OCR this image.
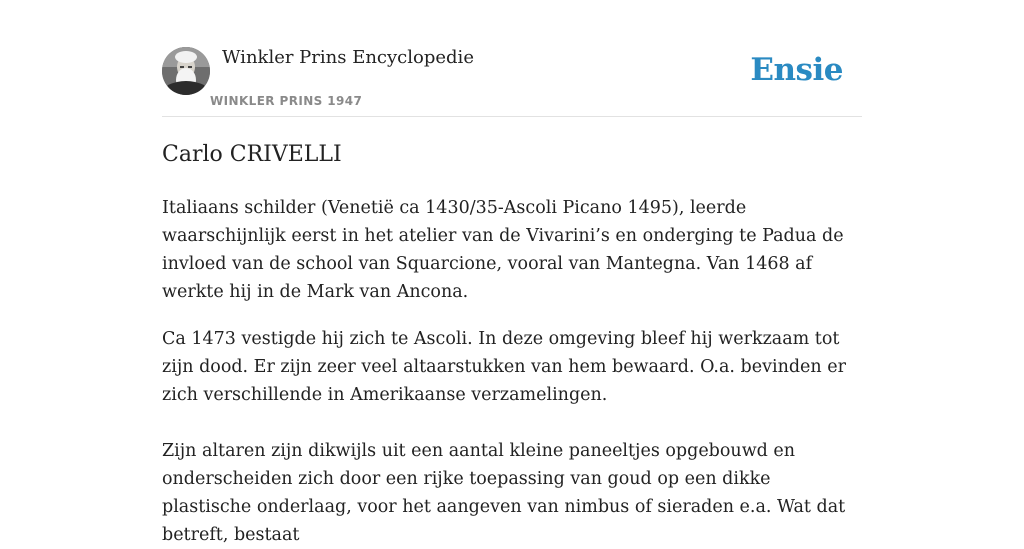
Winkler Prins Encyclopedie
WINKLER PRINS 1947
Ensie
Carlo CRIVELLI

Italiaans schilder (Venetië ca 1430/35-Ascoli Picano 1495), leerde waarschijnlijk eerst in het atelier van de Vivarini’s en onderging te Padua de invloed van de school van Squarcione, vooral van Mantegna. Van 1468 af werkte hij in de Mark van Ancona.

Ca 1473 vestigde hij zich te Ascoli. In deze omgeving bleef hij werkzaam tot zijn dood. Er zijn zeer veel altaarstukken van hem bewaard. O.a. bevinden er zich verschillende in Amerikaanse verzamelingen.

Zijn altaren zijn dikwijls uit een aantal kleine paneeltjes opgebouwd en onderscheiden zich door een rijke toepassing van goud op een dikke plastische onderlaag, voor het aangeven van nimbus of sieraden e.a. Wat dat betreft, bestaat
